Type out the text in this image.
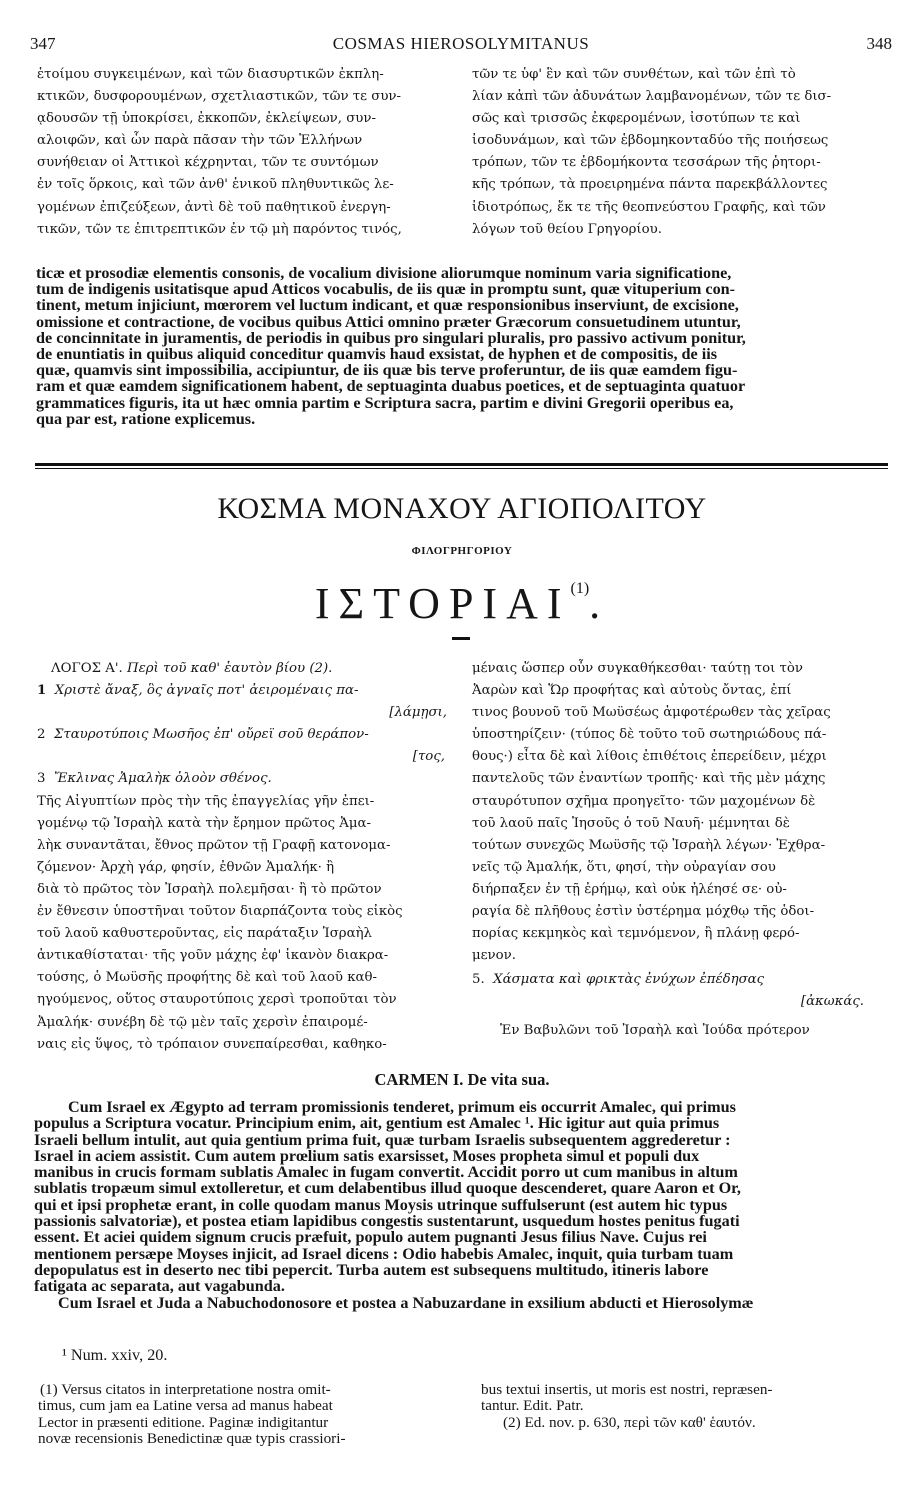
347	COSMAS HIEROSOLYMITANUS	348

ἑτοίμου συγκειμένων, καὶ τῶν διασυρτικῶν ἐκπλη-

κτικῶν, δυσφορουμένων, σχετλιαστικῶν, τῶν τε συν-

ᾳδουσῶν τῇ ὑποκρίσει, ἐκκοπῶν, ἐκλείψεων, συν-

αλοιφῶν, καὶ ὧν παρὰ πᾶσαν τὴν τῶν Ἑλλήνων

συνήθειαν οἱ Ἀττικοὶ κέχρηνται, τῶν τε συντόμων

ἐν τοῖς ὅρκοις, καὶ τῶν ἀνθ' ἑνικοῦ πληθυντικῶς λε-

γομένων ἐπιζεύξεων, ἀντὶ δὲ τοῦ παθητικοῦ ἐνεργη-

τικῶν, τῶν τε ἐπιτρεπτικῶν ἐν τῷ μὴ παρόντος τινός,

τῶν τε ὑφ' ἓν καὶ τῶν συνθέτων, καὶ τῶν ἐπὶ τὸ

λίαν κἀπὶ τῶν ἀδυνάτων λαμβανομένων, τῶν τε δισ-

σῶς καὶ τρισσῶς ἐκφερομένων, ἰσοτύπων τε καὶ

ἰσοδυνάμων, καὶ τῶν ἑβδομηκονταδύο τῆς ποιήσεως

τρόπων, τῶν τε ἑβδομήκοντα τεσσάρων τῆς ῥητορι-

κῆς τρόπων, τὰ προειρημένα πάντα παρεκβάλλοντες

ἰδιοτρόπως, ἔκ τε τῆς θεοπνεύστου Γραφῆς, καὶ τῶν

λόγων τοῦ θείου Γρηγορίου.

ticæ et prosodiæ elementis consonis, de vocalium divisione aliorumque nominum varia significatione,

tum de indigenis usitatisque apud Atticos vocabulis, de iis quæ in promptu sunt, quæ vituperium con-

tinent, metum injiciunt, mœrorem vel luctum indicant, et quæ responsionibus inserviunt, de excisione,

omissione et contractione, de vocibus quibus Attici omnino præter Græcorum consuetudinem utuntur,

de concinnitate in juramentis, de periodis in quibus pro singulari pluralis, pro passivo activum ponitur,

de enuntiatis in quibus aliquid conceditur quamvis haud exsistat, de hyphen et de compositis, de iis

quæ, quamvis sint impossibilia, accipiuntur, de iis quæ bis terve proferuntur, de iis quæ eamdem figu-

ram et quæ eamdem significationem habent, de septuaginta duabus poetices, et de septuaginta quatuor

grammatices figuris, ita ut hæc omnia partim e Scriptura sacra, partim e divini Gregorii operibus ea,

qua par est, ratione explicemus.

ΚΟΣΜΑ ΜΟΝΑΧΟΥ ΑΓΙΟΠΟΛΙΤΟΥ
ΦΙΛΟΓΡΗΓΟΡΙΟΥ
ΙΣΤΟΡΙΑΙ$^{(1)}$.

ΛΟΓΟΣ Α'. Περὶ τοῦ καθ' ἑαυτὸν βίου (2).

1 Χριστὲ ἄναξ, ὃς ἀγναῖς ποτ' ἀειρομέναις πα-

[λάμῃσι,

2 Σταυροτύποις Μωσῆος ἐπ' οὔρεϊ σοῦ θεράπον-

[τος,

3 Ἔκλινας Ἀμαλὴκ ὀλοὸν σθένος.

Τῆς Αἰγυπτίων πρὸς τὴν τῆς ἐπαγγελίας γῆν ἐπει-

γομένῳ τῷ Ἰσραὴλ κατὰ τὴν ἔρημον πρῶτος Ἀμα-

λὴκ συναντᾶται, ἔθνος πρῶτον τῇ Γραφῇ κατονομα-

ζόμενον· Ἀρχὴ γάρ, φησίν, ἐθνῶν Ἀμαλήκ· ἢ

διὰ τὸ πρῶτος τὸν Ἰσραὴλ πολεμῆσαι· ἢ τὸ πρῶτον

ἐν ἔθνεσιν ὑποστῆναι τοῦτον διαρπάζοντα τοὺς εἰκὸς

τοῦ λαοῦ καθυστεροῦντας, εἰς παράταξιν Ἰσραὴλ

ἀντικαθίσταται· τῆς γοῦν μάχης ἐφ' ἱκανὸν διακρα-

τούσης, ὁ Μωϋσῆς προφήτης δὲ καὶ τοῦ λαοῦ καθ-

ηγούμενος, οὕτος σταυροτύποις χερσὶ τροποῦται τὸν

Ἀμαλήκ· συνέβη δὲ τῷ μὲν ταῖς χερσὶν ἐπαιρομέ-

ναις εἰς ὕψος, τὸ τρόπαιον συνεπαίρεσθαι, καθηκο-

μέναις ὥσπερ οὖν συγκαθήκεσθαι· ταύτῃ τοι τὸν

Ἀαρὼν καὶ Ὥρ προφήτας καὶ αὐτοὺς ὄντας, ἐπί

τινος βουνοῦ τοῦ Μωϋσέως ἀμφοτέρωθεν τὰς χεῖρας

ὑποστηρίζειν· (τύπος δὲ τοῦτο τοῦ σωτηριώδους πά-

θους·) εἶτα δὲ καὶ λίθοις ἐπιθέτοις ἐπερείδειν, μέχρι

παντελοῦς τῶν ἐναντίων τροπῆς· καὶ τῆς μὲν μάχης

σταυρότυπον σχῆμα προηγεῖτο· τῶν μαχομένων δὲ

τοῦ λαοῦ παῖς Ἰησοῦς ὁ τοῦ Ναυῆ· μέμνηται δὲ

τούτων συνεχῶς Μωϋσῆς τῷ Ἰσραὴλ λέγων· Ἐχθρα-

νεῖς τῷ Ἀμαλήκ, ὅτι, φησί, τὴν οὐραγίαν σου

διήρπαξεν ἐν τῇ ἐρήμῳ, καὶ οὐκ ἠλέησέ σε· οὐ-

ραγία δὲ πλῆθους ἐστὶν ὑστέρημα μόχθῳ τῆς ὁδοι-

πορίας κεκμηκὸς καὶ τεμνόμενον, ἢ πλάνῃ φερό-

μενον.

5. Χάσματα καὶ φρικτὰς ἐνύχων ἐπέδησας

[ἀκωκάς.

Ἐν Βαβυλῶνι τοῦ Ἰσραὴλ καὶ Ἰούδα πρότερον

CARMEN I. De vita sua.

Cum Israel ex Ægypto ad terram promissionis tenderet, primum eis occurrit Amalec, qui primus

populus a Scriptura vocatur. Principium enim, ait, gentium est Amalec ¹. Hic igitur aut quia primus

Israeli bellum intulit, aut quia gentium prima fuit, quæ turbam Israelis subsequentem aggrederetur :

Israel in aciem assistit. Cum autem prœlium satis exarsisset, Moses propheta simul et populi dux

manibus in crucis formam sublatis Amalec in fugam convertit. Accidit porro ut cum manibus in altum

sublatis tropæum simul extolleretur, et cum delabentibus illud quoque descenderet, quare Aaron et Or,

qui et ipsi prophetæ erant, in colle quodam manus Moysis utrinque suffulserunt (est autem hic typus

passionis salvatoriæ), et postea etiam lapidibus congestis sustentarunt, usquedum hostes penitus fugati

essent. Et aciei quidem signum crucis præfuit, populo autem pugnanti Jesus filius Nave. Cujus rei

mentionem persæpe Moyses injicit, ad Israel dicens : Odio habebis Amalec, inquit, quia turbam tuam

depopulatus est in deserto nec tibi pepercit. Turba autem est subsequens multitudo, itineris labore

fatigata ac separata, aut vagabunda.

Cum Israel et Juda a Nabuchodonosore et postea a Nabuzardane in exsilium abducti et Hierosolymæ

¹ Num. xxiv, 20.

(1) Versus citatos in interpretatione nostra omit-

timus, cum jam ea Latine versa ad manus habeat

Lector in præsenti editione. Paginæ indigitantur

novæ recensionis Benedictinæ quæ typis crassiori-

bus textui insertis, ut moris est nostri, repræsen-

tantur. Edit. Patr.

(2) Ed. nov. p. 630, περὶ τῶν καθ' ἑαυτόν.
